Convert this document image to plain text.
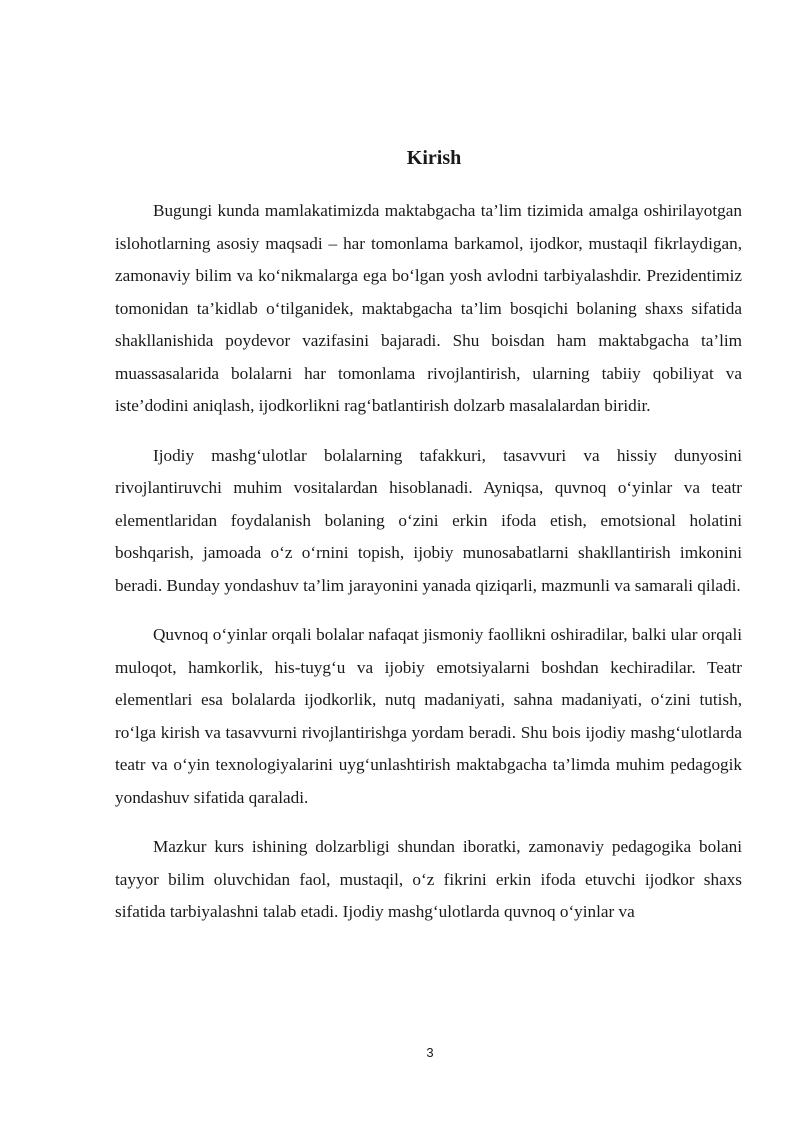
Kirish

Bugungi kunda mamlakatimizda maktabgacha ta’lim tizimida amalga oshirilayotgan islohotlarning asosiy maqsadi – har tomonlama barkamol, ijodkor, mustaqil fikrlaydigan, zamonaviy bilim va ko‘nikmalarga ega bo‘lgan yosh avlodni tarbiyalashdir. Prezidentimiz tomonidan ta’kidlab o‘tilganidek, maktabgacha ta’lim bosqichi bolaning shaxs sifatida shakllanishida poydevor vazifasini bajaradi. Shu boisdan ham maktabgacha ta’lim muassasalarida bolalarni har tomonlama rivojlantirish, ularning tabiiy qobiliyat va iste’dodini aniqlash, ijodkorlikni rag‘batlantirish dolzarb masalalardan biridir.

Ijodiy mashg‘ulotlar bolalarning tafakkuri, tasavvuri va hissiy dunyosini rivojlantiruvchi muhim vositalardan hisoblanadi. Ayniqsa, quvnoq o‘yinlar va teatr elementlaridan foydalanish bolaning o‘zini erkin ifoda etish, emotsional holatini boshqarish, jamoada o‘z o‘rnini topish, ijobiy munosabatlarni shakllantirish imkonini beradi. Bunday yondashuv ta’lim jarayonini yanada qiziqarli, mazmunli va samarali qiladi.

Quvnoq o‘yinlar orqali bolalar nafaqat jismoniy faollikni oshiradilar, balki ular orqali muloqot, hamkorlik, his-tuyg‘u va ijobiy emotsiyalarni boshdan kechiradilar. Teatr elementlari esa bolalarda ijodkorlik, nutq madaniyati, sahna madaniyati, o‘zini tutish, ro‘lga kirish va tasavvurni rivojlantirishga yordam beradi. Shu bois ijodiy mashg‘ulotlarda teatr va o‘yin texnologiyalarini uyg‘unlashtirish maktabgacha ta’limda muhim pedagogik yondashuv sifatida qaraladi.

Mazkur kurs ishining dolzarbligi shundan iboratki, zamonaviy pedagogika bolani tayyor bilim oluvchidan faol, mustaqil, o‘z fikrini erkin ifoda etuvchi ijodkor shaxs sifatida tarbiyalashni talab etadi. Ijodiy mashg‘ulotlarda quvnoq o‘yinlar va

3
